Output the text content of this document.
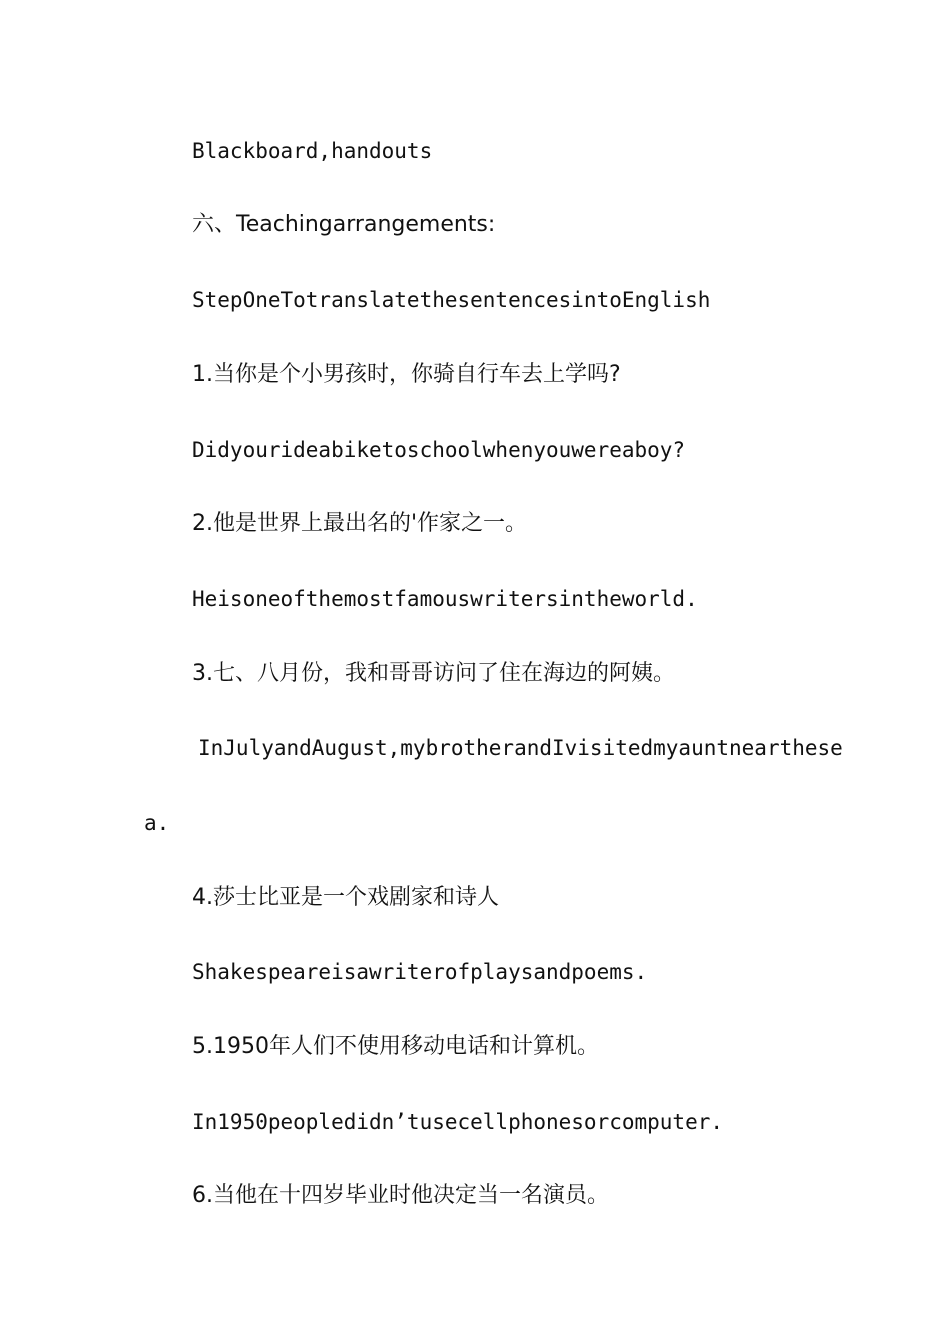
Blackboard,handouts
六、Teachingarrangements:
StepOneTotranslatethesentencesintoEnglish
1.当你是个小男孩时，你骑自行车去上学吗?
Didyourideabiketoschoolwhenyouwereaboy?
2.他是世界上最出名的'作家之一。
Heisoneofthemostfamouswritersintheworld.
3.七、八月份，我和哥哥访问了住在海边的阿姨。
InJulyandAugust,mybrotherandIvisitedmyauntnearthese
a.
4.莎士比亚是一个戏剧家和诗人
Shakespeareisawriterofplaysandpoems.
5.1950年人们不使用移动电话和计算机。
In1950peopledidn’tusecellphonesorcomputer.
6.当他在十四岁毕业时他决定当一名演员。
